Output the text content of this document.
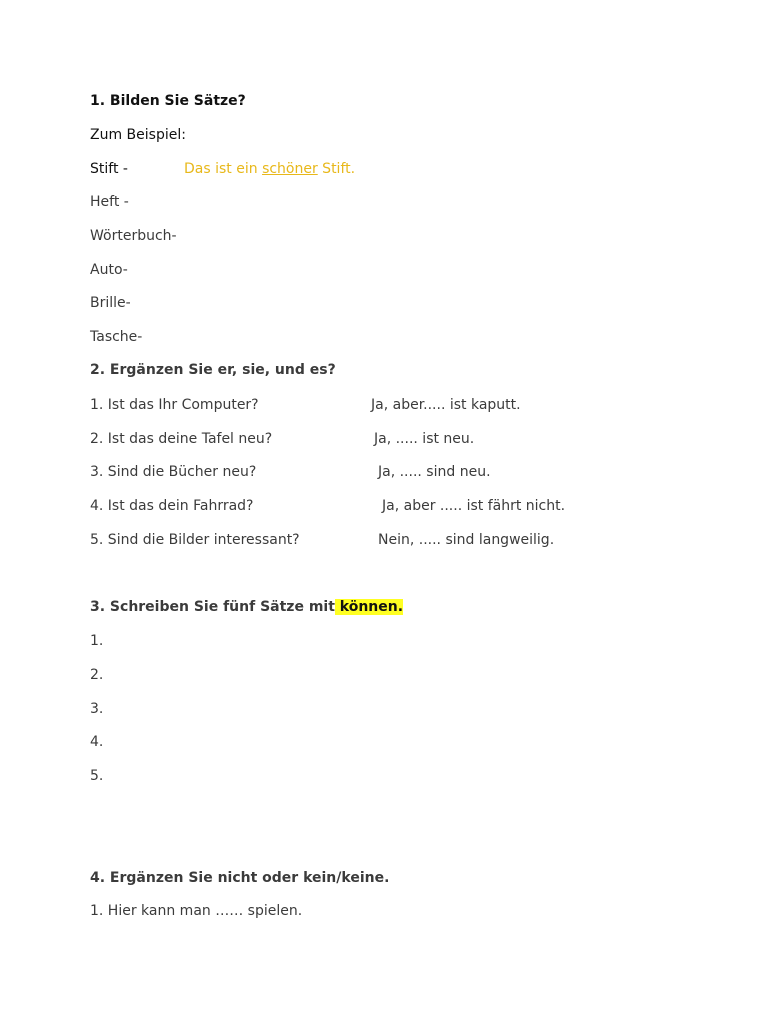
1. Bilden Sie Sätze?
Zum Beispiel:
Stift -	Das ist ein schöner Stift.
Heft -
Wörterbuch-
Auto-
Brille-
Tasche-
2. Ergänzen Sie er, sie, und es?
1. Ist das Ihr Computer?	Ja, aber..... ist kaputt.
2. Ist das deine Tafel neu?	Ja, ..... ist neu.
3. Sind die Bücher neu?	Ja, ..... sind neu.
4. Ist das dein Fahrrad?	Ja, aber ..... ist fährt nicht.
5. Sind die Bilder interessant?	Nein, ..... sind langweilig.
3. Schreiben Sie fünf Sätze mit können.
1.
2.
3.
4.
5.
4. Ergänzen Sie nicht oder kein/keine.
1. Hier kann man …… spielen.
